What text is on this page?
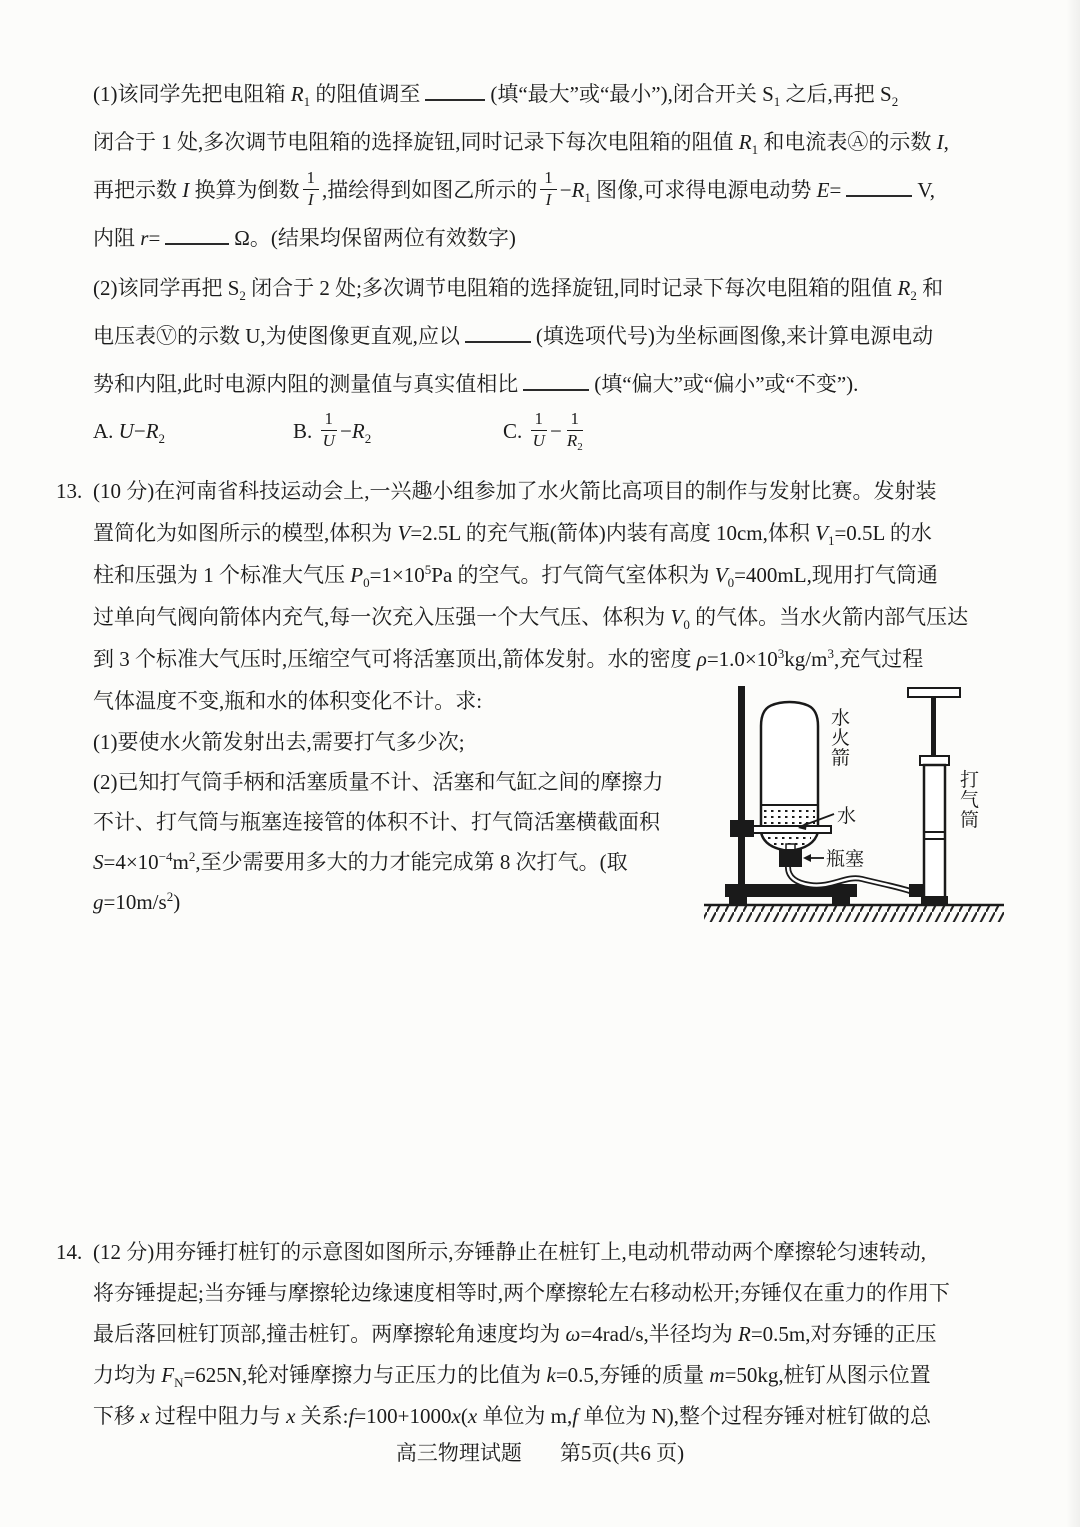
(1)该同学先把电阻箱 $R_1$ 的阻值调至	(填“最大”或“最小”),闭合开关 $S_1$ 之后,再把 $S_2$
闭合于 1 处,多次调节电阻箱的选择旋钮,同时记录下每次电阻箱的阻值 $R_1$ 和电流表Ⓐ的示数 I,
再把示数 I 换算为倒数 $\frac{1}{I}$ ,描绘得到如图乙所示的 $\frac{1}{I} -R_1$ 图像,可求得电源电动势 E=	V,
内阻 r=	Ω。(结果均保留两位有效数字)
(2)该同学再把 $S_2$ 闭合于 2 处;多次调节电阻箱的选择旋钮,同时记录下每次电阻箱的阻值 $R_2$ 和
电压表Ⓥ的示数 U,为使图像更直观,应以	(填选项代号)为坐标画图像,来计算电源电动
势和内阻,此时电源内阻的测量值与真实值相比	(填“偏大”或“偏小”或“不变”).
A. $U-R_2$	B. $\frac{1}{U} -R_2$	C. $\frac{1}{U} - \frac{1}{R_2}$
13. (10 分)在河南省科技运动会上,一兴趣小组参加了水火箭比高项目的制作与发射比赛。发射装
置简化为如图所示的模型,体积为 V=2.5L 的充气瓶(箭体)内装有高度 10cm,体积 $V_1=0.5L$ 的水
柱和压强为 1 个标准大气压 $P_0=1\times 10^5Pa$ 的空气。打气筒气室体积为 $V_0=400mL$,现用打气筒通
过单向气阀向箭体内充气,每一次充入压强一个大气压、体积为 $V_0$ 的气体。当水火箭内部气压达
到 3 个标准大气压时,压缩空气可将活塞顶出,箭体发射。水的密度 $\rho=1.0\times 10^3kg/m^3$,充气过程
气体温度不变,瓶和水的体积变化不计。求:
(1)要使水火箭发射出去,需要打气多少次;
(2)已知打气筒手柄和活塞质量不计、活塞和气缸之间的摩擦力
不计、打气筒与瓶塞连接管的体积不计、打气筒活塞横截面积
$S=4\times 10^{-4}m^2$,至少需要用多大的力才能完成第 8 次打气。(取
$g=10m/s^2$)
水火箭
水
瓶塞
打气筒
14. (12 分)用夯锤打桩钉的示意图如图所示,夯锤静止在桩钉上,电动机带动两个摩擦轮匀速转动,
将夯锤提起;当夯锤与摩擦轮边缘速度相等时,两个摩擦轮左右移动松开;夯锤仅在重力的作用下
最后落回桩钉顶部,撞击桩钉。两摩擦轮角速度均为 ω=4rad/s,半径均为 R=0.5m,对夯锤的正压
力均为 $F_N=625N$,轮对锤摩擦力与正压力的比值为 k=0.5,夯锤的质量 m=50kg,桩钉从图示位置
下移 x 过程中阻力与 x 关系:f=100+1000x(x 单位为 m,f 单位为 N),整个过程夯锤对桩钉做的总
高三物理试题 第5页(共6 页)
